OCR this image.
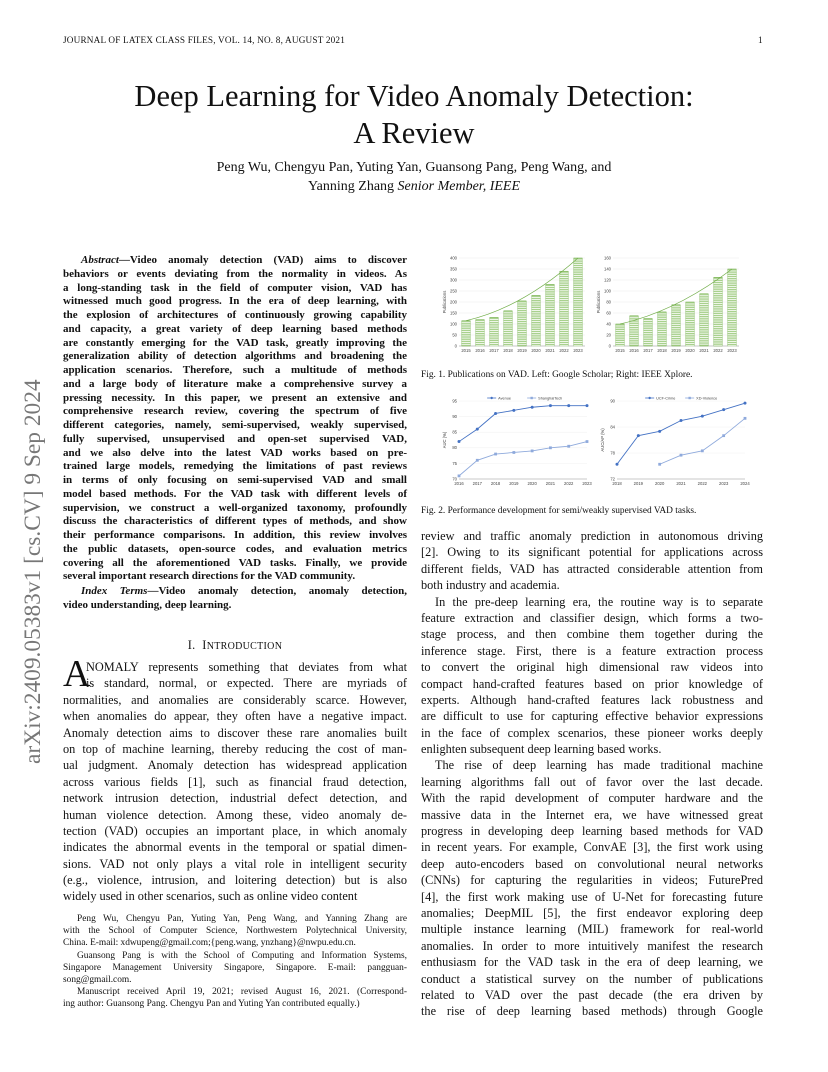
JOURNAL OF LATEX CLASS FILES, VOL. 14, NO. 8, AUGUST 2021	1
Deep Learning for Video Anomaly Detection:
A Review
Peng Wu, Chengyu Pan, Yuting Yan, Guansong Pang, Peng Wang, and
Yanning Zhang Senior Member, IEEE
arXiv:2409.05383v1 [cs.CV] 9 Sep 2024
Abstract—Video anomaly detection (VAD) aims to discover
behaviors or events deviating from the normality in videos. As
a long-standing task in the field of computer vision, VAD has
witnessed much good progress. In the era of deep learning, with
the explosion of architectures of continuously growing capability
and capacity, a great variety of deep learning based methods
are constantly emerging for the VAD task, greatly improving the
generalization ability of detection algorithms and broadening the
application scenarios. Therefore, such a multitude of methods
and a large body of literature make a comprehensive survey a
pressing necessity. In this paper, we present an extensive and
comprehensive research review, covering the spectrum of five
different categories, namely, semi-supervised, weakly supervised,
fully supervised, unsupervised and open-set supervised VAD,
and we also delve into the latest VAD works based on pre-
trained large models, remedying the limitations of past reviews
in terms of only focusing on semi-supervised VAD and small
model based methods. For the VAD task with different levels of
supervision, we construct a well-organized taxonomy, profoundly
discuss the characteristics of different types of methods, and show
their performance comparisons. In addition, this review involves
the public datasets, open-source codes, and evaluation metrics
covering all the aforementioned VAD tasks. Finally, we provide
several important research directions for the VAD community.
Index Terms—Video anomaly detection, anomaly detection,
video understanding, deep learning.
I. INTRODUCTION
A
NOMALY represents something that deviates from what
is standard, normal, or expected. There are myriads of
normalities, and anomalies are considerably scarce. However,
when anomalies do appear, they often have a negative impact.
Anomaly detection aims to discover these rare anomalies built
on top of machine learning, thereby reducing the cost of man-
ual judgment. Anomaly detection has widespread application
across various fields [1], such as financial fraud detection,
network intrusion detection, industrial defect detection, and
human violence detection. Among these, video anomaly de-
tection (VAD) occupies an important place, in which anomaly
indicates the abnormal events in the temporal or spatial dimen-
sions. VAD not only plays a vital role in intelligent security
(e.g., violence, intrusion, and loitering detection) but is also
widely used in other scenarios, such as online video content
Peng Wu, Chengyu Pan, Yuting Yan, Peng Wang, and Yanning Zhang are
with the School of Computer Science, Northwestern Polytechnical University,
China. E-mail: xdwupeng@gmail.com;{peng.wang, ynzhang}@nwpu.edu.cn.
Guansong Pang is with the School of Computing and Information Systems,
Singapore Management University Singapore, Singapore. E-mail: pangguan-
song@gmail.com.
Manuscript received April 19, 2021; revised August 16, 2021. (Correspond-
ing author: Guansong Pang. Chengyu Pan and Yuting Yan contributed equally.)
0
50
100
150
200
250
300
350
400
2015 2016 2017 2018 2019 2020 2021 2022 2023
Publications
0
20
40
60
80
100
120
140
160
2015 2016 2017 2018 2019 2020 2021 2022 2023
Publications
Fig. 1. Publications on VAD. Left: Google Scholar; Right: IEEE Xplore.
70
75
80
85
90
95
2016 2017 2018 2019 2020 2021 2022 2023
Avenue	ShanghaiTech
AUC (%)
72
78
84
90
2018	2019	2020	2021	2022	2023	2024
UCF-Crime	XD-Violence
AUC/AP (%)
Fig. 2. Performance development for semi/weakly supervised VAD tasks.
review and traffic anomaly prediction in autonomous driving
[2]. Owing to its significant potential for applications across
different fields, VAD has attracted considerable attention from
both industry and academia.
In the pre-deep learning era, the routine way is to separate
feature extraction and classifier design, which forms a two-
stage process, and then combine them together during the
inference stage. First, there is a feature extraction process
to convert the original high dimensional raw videos into
compact hand-crafted features based on prior knowledge of
experts. Although hand-crafted features lack robustness and
are difficult to use for capturing effective behavior expressions
in the face of complex scenarios, these pioneer works deeply
enlighten subsequent deep learning based works.
The rise of deep learning has made traditional machine
learning algorithms fall out of favor over the last decade.
With the rapid development of computer hardware and the
massive data in the Internet era, we have witnessed great
progress in developing deep learning based methods for VAD
in recent years. For example, ConvAE [3], the first work using
deep auto-encoders based on convolutional neural networks
(CNNs) for capturing the regularities in videos; FuturePred
[4], the first work making use of U-Net for forecasting future
anomalies; DeepMIL [5], the first endeavor exploring deep
multiple instance learning (MIL) framework for real-world
anomalies. In order to more intuitively manifest the research
enthusiasm for the VAD task in the era of deep learning, we
conduct a statistical survey on the number of publications
related to VAD over the past decade (the era driven by
the rise of deep learning based methods) through Google
